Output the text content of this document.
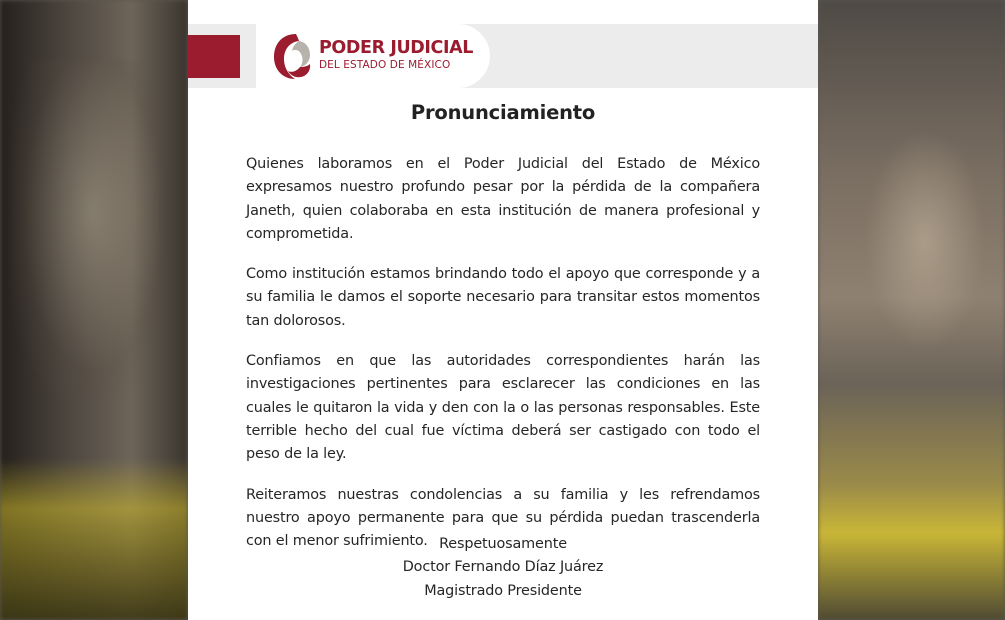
PODER JUDICIAL
DEL ESTADO DE MÉXICO
Pronunciamiento

Quienes laboramos en el Poder Judicial del Estado de México expresamos nuestro profundo pesar por la pérdida de la compañera Janeth, quien colaboraba en esta institución de manera profesional y comprometida.

Como institución estamos brindando todo el apoyo que corresponde y a su familia le damos el soporte necesario para transitar estos momentos tan dolorosos.

Confiamos en que las autoridades correspondientes harán las investigaciones pertinentes para esclarecer las condiciones en las cuales le quitaron la vida y den con la o las personas responsables. Este terrible hecho del cual fue víctima deberá ser castigado con todo el peso de la ley.

Reiteramos nuestras condolencias a su familia y les refrendamos nuestro apoyo permanente para que su pérdida puedan trascenderla con el menor sufrimiento. Respetuosamente
Doctor Fernando Díaz Juárez
Magistrado Presidente
